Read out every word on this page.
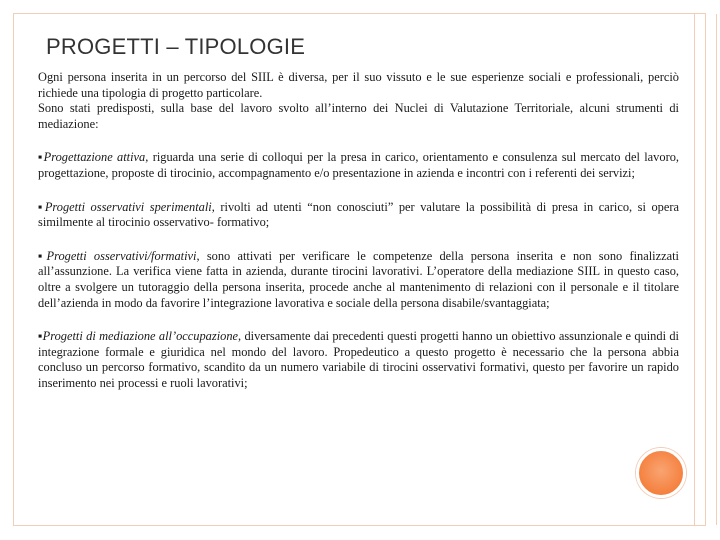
PROGETTI – TIPOLOGIE

Ogni persona inserita in un percorso del SIIL è diversa, per il suo vissuto e le sue esperienze sociali e professionali, perciò richiede una tipologia di progetto particolare.

Sono stati predisposti, sulla base del lavoro svolto all’interno dei Nuclei di Valutazione Territoriale, alcuni strumenti di mediazione:

▪Progettazione attiva, riguarda una serie di colloqui per la presa in carico, orientamento e consulenza sul mercato del lavoro, progettazione, proposte di tirocinio, accompagnamento e/o presentazione in azienda e incontri con i referenti dei servizi;

▪Progetti osservativi sperimentali, rivolti ad utenti “non conosciuti” per valutare la possibilità di presa in carico, si opera similmente al tirocinio osservativo- formativo;

▪Progetti osservativi/formativi, sono attivati per verificare le competenze della persona inserita e non sono finalizzati all’assunzione. La verifica viene fatta in azienda, durante tirocini lavorativi. L’operatore della mediazione SIIL in questo caso, oltre a svolgere un tutoraggio della persona inserita, procede anche al mantenimento di relazioni con il personale e il titolare dell’azienda in modo da favorire l’integrazione lavorativa e sociale della persona disabile/svantaggiata;

▪Progetti di mediazione all’occupazione, diversamente dai precedenti questi progetti hanno un obiettivo assunzionale e quindi di integrazione formale e giuridica nel mondo del lavoro. Propedeutico a questo progetto è necessario che la persona abbia concluso un percorso formativo, scandito da un numero variabile di tirocini osservativi formativi, questo per favorire un rapido inserimento nei processi e ruoli lavorativi;
